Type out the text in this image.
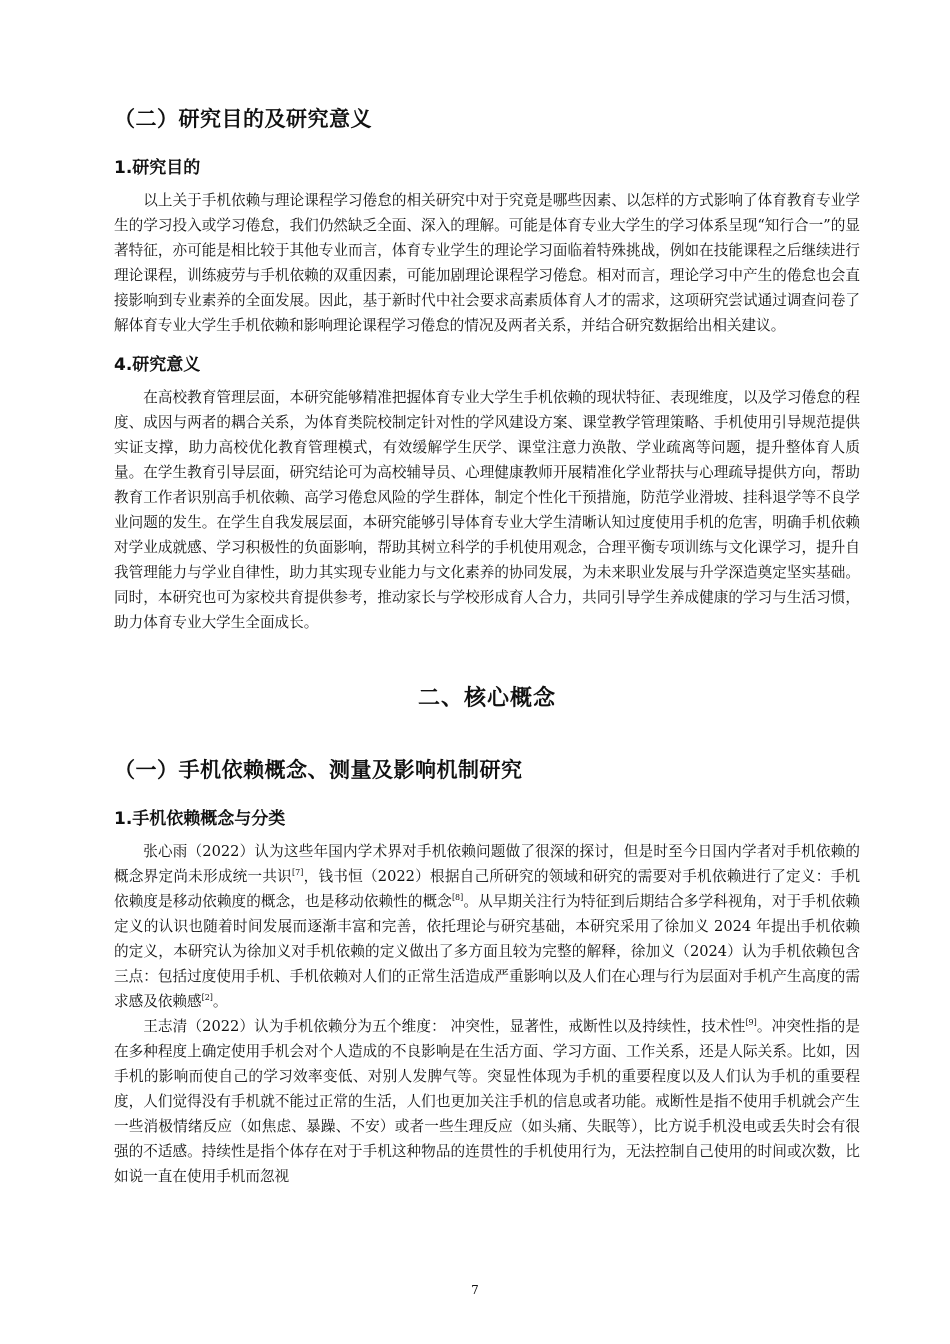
（二）研究目的及研究意义
1.研究目的

以上关于手机依赖与理论课程学习倦怠的相关研究中对于究竟是哪些因素、以怎样的方式影响了体育教育专业学生的学习投入或学习倦怠，我们仍然缺乏全面、深入的理解。可能是体育专业大学生的学习体系呈现“知行合一”的显著特征，亦可能是相比较于其他专业而言，体育专业学生的理论学习面临着特殊挑战，例如在技能课程之后继续进行理论课程，训练疲劳与手机依赖的双重因素，可能加剧理论课程学习倦怠。相对而言，理论学习中产生的倦怠也会直接影响到专业素养的全面发展。因此，基于新时代中社会要求高素质体育人才的需求，这项研究尝试通过调查问卷了解体育专业大学生手机依赖和影响理论课程学习倦怠的情况及两者关系，并结合研究数据给出相关建议。

4.研究意义

在高校教育管理层面，本研究能够精准把握体育专业大学生手机依赖的现状特征、表现维度，以及学习倦怠的程度、成因与两者的耦合关系，为体育类院校制定针对性的学风建设方案、课堂教学管理策略、手机使用引导规范提供实证支撑，助力高校优化教育管理模式，有效缓解学生厌学、课堂注意力涣散、学业疏离等问题，提升整体育人质量。在学生教育引导层面，研究结论可为高校辅导员、心理健康教师开展精准化学业帮扶与心理疏导提供方向，帮助教育工作者识别高手机依赖、高学习倦怠风险的学生群体，制定个性化干预措施，防范学业滑坡、挂科退学等不良学业问题的发生。在学生自我发展层面，本研究能够引导体育专业大学生清晰认知过度使用手机的危害，明确手机依赖对学业成就感、学习积极性的负面影响，帮助其树立科学的手机使用观念，合理平衡专项训练与文化课学习，提升自我管理能力与学业自律性，助力其实现专业能力与文化素养的协同发展，为未来职业发展与升学深造奠定坚实基础。同时，本研究也可为家校共育提供参考，推动家长与学校形成育人合力，共同引导学生养成健康的学习与生活习惯，助力体育专业大学生全面成长。

二、核心概念
（一）手机依赖概念、测量及影响机制研究
1.手机依赖概念与分类

张心雨（2022）认为这些年国内学术界对手机依赖问题做了很深的探讨，但是时至今日国内学者对手机依赖的概念界定尚未形成统一共识[7]，钱书恒（2022）根据自己所研究的领域和研究的需要对手机依赖进行了定义：手机依赖度是移动依赖度的概念，也是移动依赖性的概念[8]。从早期关注行为特征到后期结合多学科视角，对于手机依赖定义的认识也随着时间发展而逐渐丰富和完善，依托理论与研究基础，本研究采用了徐加义 2024 年提出手机依赖的定义，本研究认为徐加义对手机依赖的定义做出了多方面且较为完整的解释，徐加义（2024）认为手机依赖包含三点：包括过度使用手机、手机依赖对人们的正常生活造成严重影响以及人们在心理与行为层面对手机产生高度的需求感及依赖感[2]。

王志清（2022）认为手机依赖分为五个维度： 冲突性，显著性，戒断性以及持续性，技术性[9]。冲突性指的是在多种程度上确定使用手机会对个人造成的不良影响是在生活方面、学习方面、工作关系，还是人际关系。比如，因手机的影响而使自己的学习效率变低、对别人发脾气等。突显性体现为手机的重要程度以及人们认为手机的重要程度，人们觉得没有手机就不能过正常的生活，人们也更加关注手机的信息或者功能。戒断性是指不使用手机就会产生一些消极情绪反应（如焦虑、暴躁、不安）或者一些生理反应（如头痛、失眠等），比方说手机没电或丢失时会有很强的不适感。持续性是指个体存在对于手机这种物品的连贯性的手机使用行为，无法控制自己使用的时间或次数，比如说一直在使用手机而忽视

7
